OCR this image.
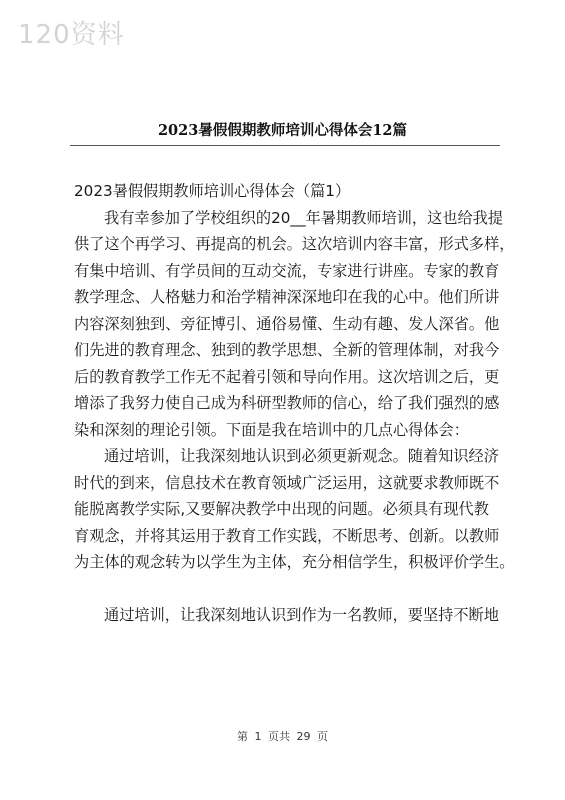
120资料
2023暑假假期教师培训心得体会12篇
2023暑假假期教师培训心得体会（篇1）
我有幸参加了学校组织的20__年暑期教师培训，这也给我提
供了这个再学习、再提高的机会。这次培训内容丰富，形式多样，
有集中培训、有学员间的互动交流，专家进行讲座。专家的教育
教学理念、人格魅力和治学精神深深地印在我的心中。他们所讲
内容深刻独到、旁征博引、通俗易懂、生动有趣、发人深省。他
们先进的教育理念、独到的教学思想、全新的管理体制，对我今
后的教育教学工作无不起着引领和导向作用。这次培训之后，更
增添了我努力使自己成为科研型教师的信心，给了我们强烈的感
染和深刻的理论引领。下面是我在培训中的几点心得体会：
通过培训，让我深刻地认识到必须更新观念。随着知识经济
时代的到来，信息技术在教育领域广泛运用，这就要求教师既不
能脱离教学实际,又要解决教学中出现的问题。必须具有现代教
育观念，并将其运用于教育工作实践，不断思考、创新。以教师
为主体的观念转为以学生为主体，充分相信学生，积极评价学生。
通过培训，让我深刻地认识到作为一名教师，要坚持不断地
第 1 页共 29 页
